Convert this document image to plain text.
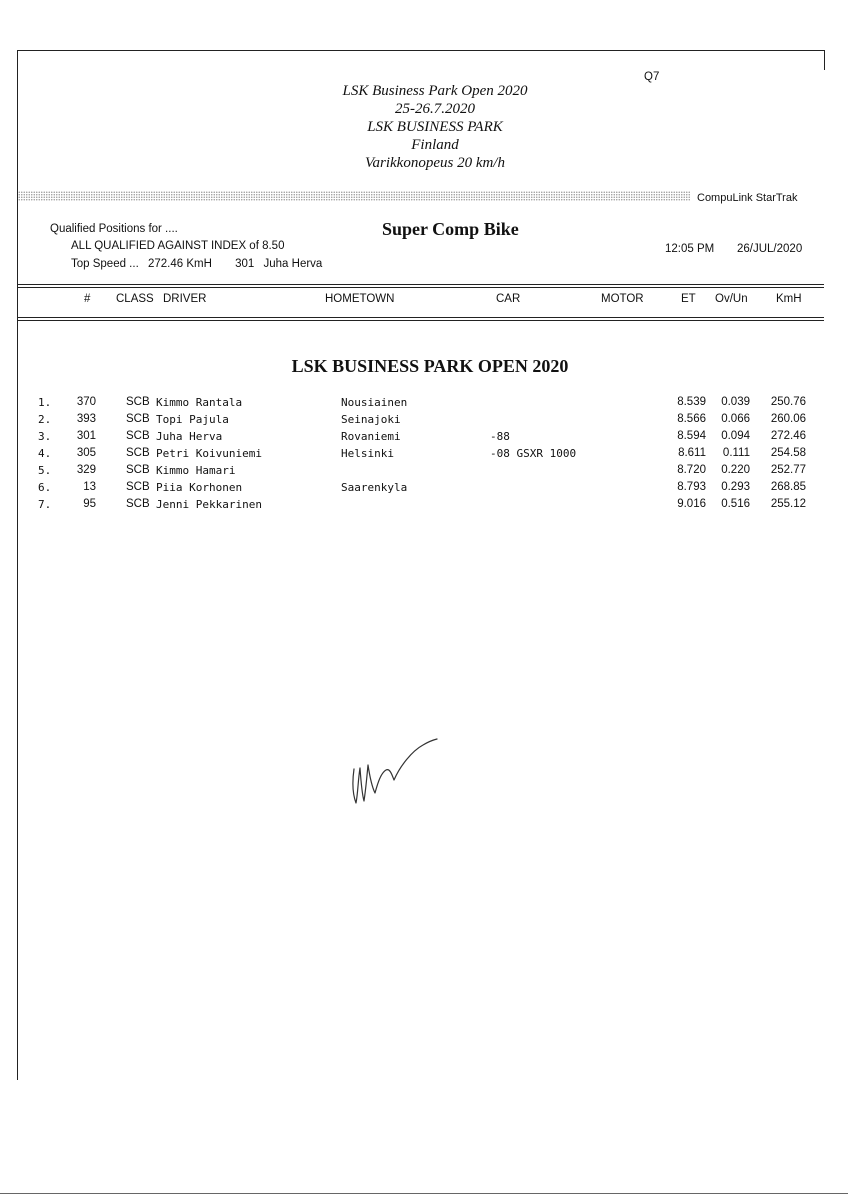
Q7
LSK Business Park Open 2020
25-26.7.2020
LSK BUSINESS PARK
Finland
Varikkonopeus 20 km/h
CompuLink StarTrak
Qualified Positions for ....
ALL QUALIFIED AGAINST INDEX of 8.50
Top Speed ... 272.46 KmH 301 Juha Herva
Super Comp Bike
12:05 PM 26/JUL/2020
# CLASS DRIVER	HOMETOWN	CAR	MOTOR	ET Ov/Un KmH
LSK BUSINESS PARK OPEN 2020
1.	370	SCB Kimmo Rantala	Nousiainen	8.539	0.039	250.76
2.	393	SCB Topi Pajula	Seinajoki	8.566	0.066	260.06
3.	301	SCB Juha Herva	Rovaniemi	-88	8.594	0.094	272.46
4.	305	SCB Petri Koivuniemi	Helsinki	-08 GSXR 1000	8.611	0.111	254.58
5.	329	SCB Kimmo Hamari	8.720	0.220	252.77
6.	13	SCB Piia Korhonen	Saarenkyla	8.793	0.293	268.85
7.	95	SCB Jenni Pekkarinen	9.016	0.516	255.12
